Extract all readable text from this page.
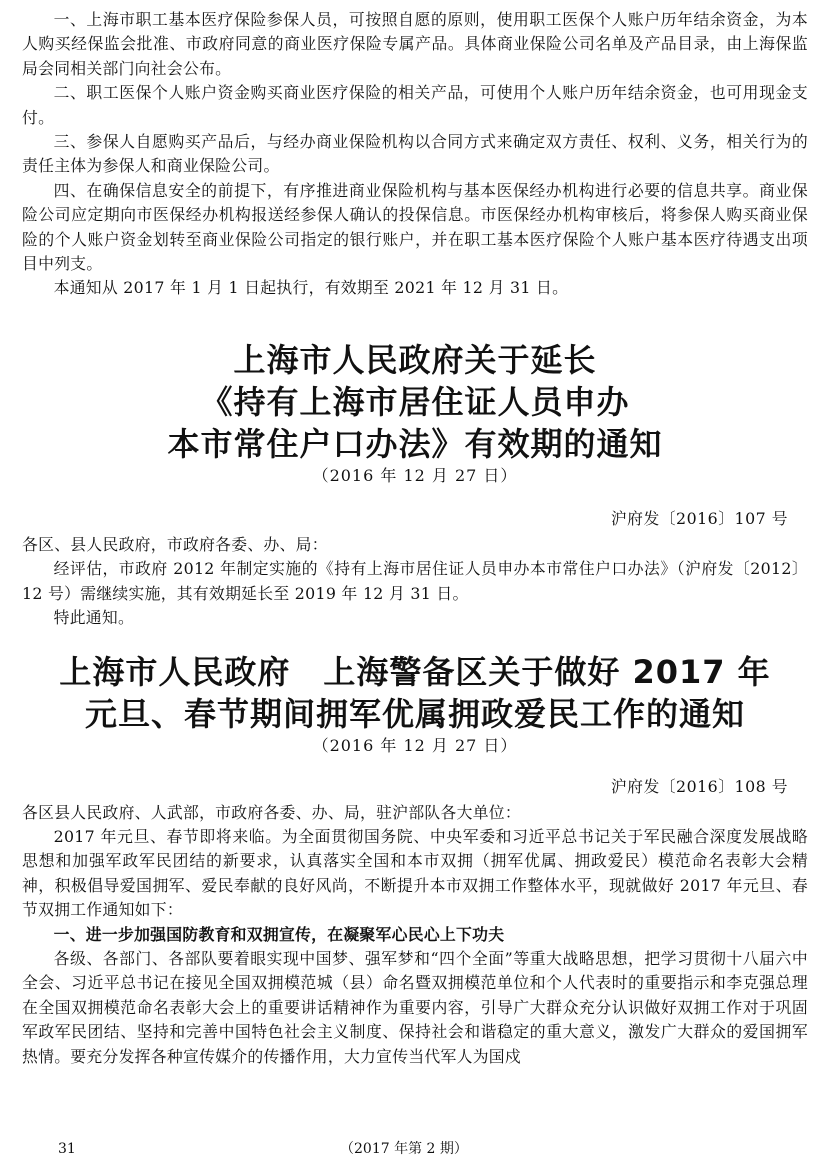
一、上海市职工基本医疗保险参保人员，可按照自愿的原则，使用职工医保个人账户历年结余资金，为本人购买经保监会批准、市政府同意的商业医疗保险专属产品。具体商业保险公司名单及产品目录，由上海保监局会同相关部门向社会公布。

二、职工医保个人账户资金购买商业医疗保险的相关产品，可使用个人账户历年结余资金，也可用现金支付。

三、参保人自愿购买产品后，与经办商业保险机构以合同方式来确定双方责任、权利、义务，相关行为的责任主体为参保人和商业保险公司。

四、在确保信息安全的前提下，有序推进商业保险机构与基本医保经办机构进行必要的信息共享。商业保险公司应定期向市医保经办机构报送经参保人确认的投保信息。市医保经办机构审核后，将参保人购买商业保险的个人账户资金划转至商业保险公司指定的银行账户，并在职工基本医疗保险个人账户基本医疗待遇支出项目中列支。

本通知从 2017 年 1 月 1 日起执行，有效期至 2021 年 12 月 31 日。

上海市人民政府关于延长

《持有上海市居住证人员申办

本市常住户口办法》有效期的通知

（2016 年 12 月 27 日）

沪府发〔2016〕107 号

各区、县人民政府，市政府各委、办、局：

经评估，市政府 2012 年制定实施的《持有上海市居住证人员申办本市常住户口办法》（沪府发〔2012〕12 号）需继续实施，其有效期延长至 2019 年 12 月 31 日。

特此通知。

上海市人民政府　上海警备区关于做好 2017 年

元旦、春节期间拥军优属拥政爱民工作的通知

（2016 年 12 月 27 日）

沪府发〔2016〕108 号

各区县人民政府、人武部，市政府各委、办、局，驻沪部队各大单位：

2017 年元旦、春节即将来临。为全面贯彻国务院、中央军委和习近平总书记关于军民融合深度发展战略思想和加强军政军民团结的新要求，认真落实全国和本市双拥（拥军优属、拥政爱民）模范命名表彰大会精神，积极倡导爱国拥军、爱民奉献的良好风尚，不断提升本市双拥工作整体水平，现就做好 2017 年元旦、春节双拥工作通知如下：

一、进一步加强国防教育和双拥宣传，在凝聚军心民心上下功夫

各级、各部门、各部队要着眼实现中国梦、强军梦和“四个全面”等重大战略思想，把学习贯彻十八届六中全会、习近平总书记在接见全国双拥模范城（县）命名暨双拥模范单位和个人代表时的重要指示和李克强总理在全国双拥模范命名表彰大会上的重要讲话精神作为重要内容，引导广大群众充分认识做好双拥工作对于巩固军政军民团结、坚持和完善中国特色社会主义制度、保持社会和谐稳定的重大意义，激发广大群众的爱国拥军热情。要充分发挥各种宣传媒介的传播作用，大力宣传当代军人为国戍

31	（2017 年第 2 期）
